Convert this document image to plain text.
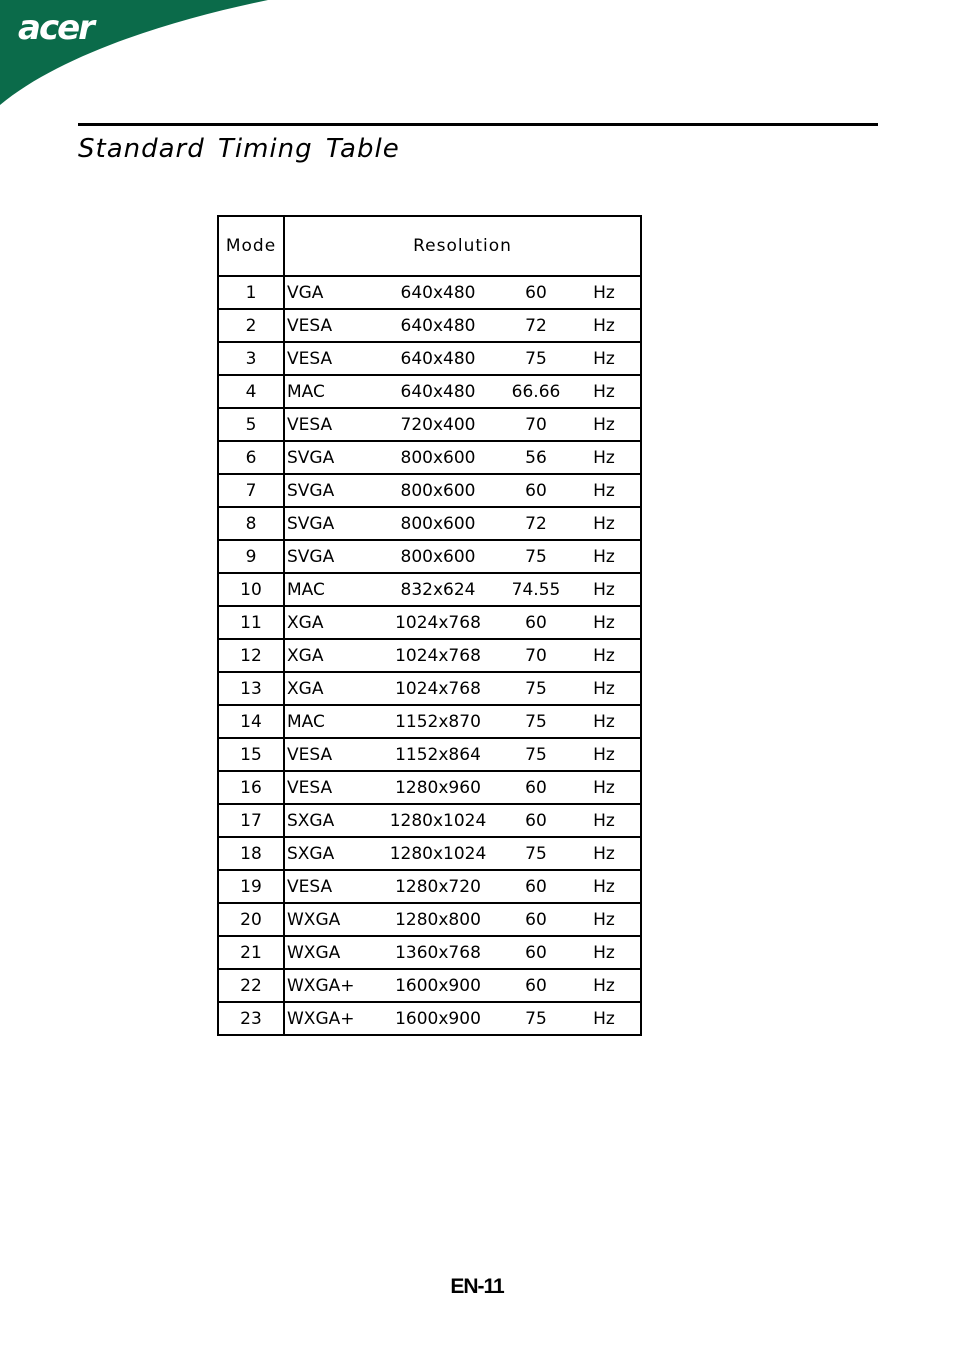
acer
Standard Timing Table
Mode	Resolution
1	VGA 640x480 60 Hz

2	VESA 640x480 72 Hz

3	VESA 640x480 75 Hz

4	MAC 640x480 66.66 Hz

5	VESA 720x400 70 Hz

6	SVGA 800x600 56 Hz

7	SVGA 800x600 60 Hz

8	SVGA 800x600 72 Hz

9	SVGA 800x600 75 Hz

10	MAC 832x624 74.55 Hz

11	XGA 1024x768 60 Hz

12	XGA 1024x768 70 Hz

13	XGA 1024x768 75 Hz

14	MAC 1152x870 75 Hz

15	VESA 1152x864 75 Hz

16	VESA 1280x960 60 Hz

17	SXGA 1280x1024 60 Hz

18	SXGA 1280x1024 75 Hz

19	VESA 1280x720 60 Hz

20	WXGA 1280x800 60 Hz

21	WXGA 1360x768 60 Hz

22	WXGA+ 1600x900 60 Hz

23	WXGA+ 1600x900 75 Hz
EN-11
